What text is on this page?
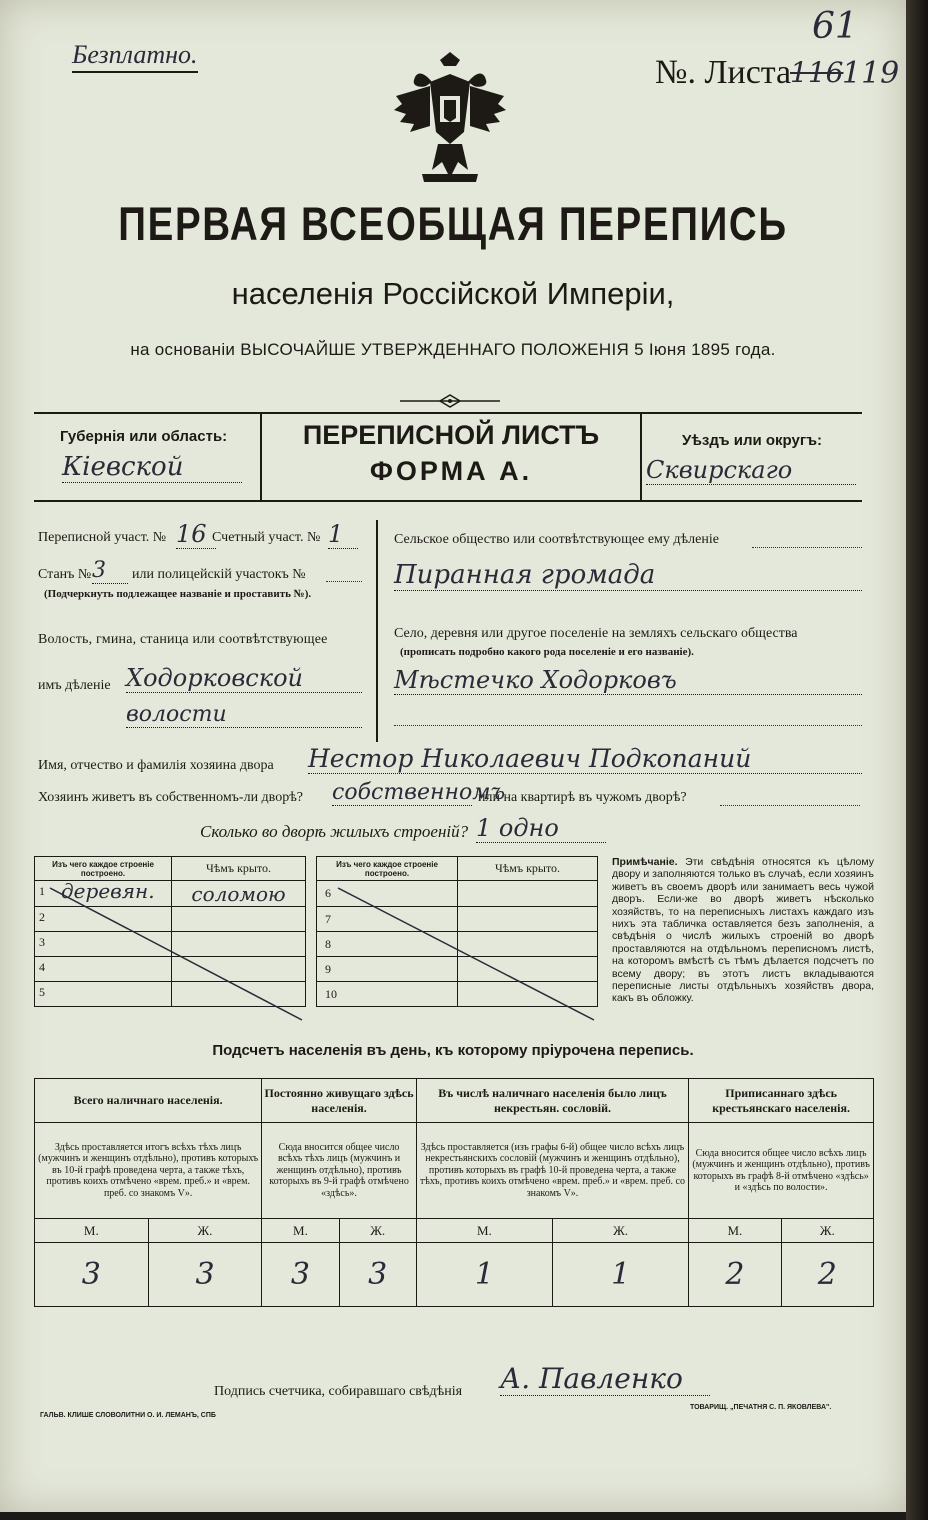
Безплатно.	№. Листа
116
119
61
ПЕРВАЯ ВСЕОБЩАЯ ПЕРЕПИСЬ
населенія Россійской Имперіи,
на основаніи ВЫСОЧАЙШЕ УТВЕРЖДЕННАГО ПОЛОЖЕНІЯ 5 Іюня 1895 года.
Губернія или область:
Кіевской
ПЕРЕПИСНОЙ ЛИСТЪ
ФОРМА А.
Уѣздъ или округъ:
Сквирскаго
Переписной участ. № 16 Счетный участ. № 1
Станъ № 3	или полицейскій участокъ №
(Подчеркнуть подлежащее названіе и проставить №).
Волость, гмина, станица или соотвѣтствующее
имъ дѣленіе Ходорковской
волости
Сельское общество или соотвѣтствующее ему дѣленіе
Пиранная громада
Село, деревня или другое поселеніе на земляхъ сельскаго общества
(прописать подробно какого рода поселеніе и его названіе).
Мѣстечко Ходорковъ
Имя, отчество и фамилія хозяина двора Нестор Николаевич Подкопаний
Хозяинъ живетъ въ собственномъ-ли дворѣ? собственномъ
или на квартирѣ въ чужомъ дворѣ?
Сколько во дворѣ жилыхъ строеній? 1 одно
Изъ чего каждое строеніе построено.	Чѣмъ крыто.

1 деревян.	соломою

2	

3	

4	

5	

Изъ чего каждое строеніе построено.	Чѣмъ крыто.
6	
7	
8	
9	
10	
Примѣчаніе. Эти свѣдѣнія относятся къ цѣлому двору и заполняются только въ случаѣ, если хозяинъ живетъ въ своемъ дворѣ или занимаетъ весь чужой дворъ. Если-же во дворѣ живетъ нѣсколько хозяйствъ, то на переписныхъ листахъ каждаго изъ нихъ эта табличка оставляется безъ заполненія, а свѣдѣнія о числѣ жилыхъ строеній во дворѣ проставляются на отдѣльномъ переписномъ листѣ, на которомъ вмѣстѣ съ тѣмъ дѣлается подсчетъ по всему двору; въ этотъ листъ вкладываются переписные листы отдѣльныхъ хозяйствъ двора, какъ въ обложку.
Подсчетъ населенія въ день, къ которому пріурочена перепись.
Всего наличнаго населенія.		Постоянно живущаго здѣсь населенія.		Въ числѣ наличнаго населенія было лицъ некрестьян. сословій.		Приписаннаго здѣсь крестьянскаго населенія.	
Здѣсь проставляется итогъ всѣхъ тѣхъ лицъ (мужчинъ и женщинъ отдѣльно), противъ которыхъ въ 10-й графѣ проведена черта, а также тѣхъ, противъ коихъ отмѣчено «врем. преб.» и «врем. преб. со знакомъ V».		Сюда вносится общее число всѣхъ тѣхъ лицъ (мужчинъ и женщинъ отдѣльно), противъ которыхъ въ 9-й графѣ отмѣчено «здѣсь».		Здѣсь проставляется (изъ графы 6-й) общее число всѣхъ лицъ некрестьянскихъ сословій (мужчинъ и женщинъ отдѣльно), противъ которыхъ въ графѣ 10-й проведена черта, а также тѣхъ, противъ коихъ отмѣчено «врем. преб.» и «врем. преб. со знакомъ V».		Сюда вносится общее число всѣхъ лицъ (мужчинъ и женщинъ отдѣльно), противъ которыхъ въ графѣ 8-й отмѣчено «здѣсь» и «здѣсь по волости».	
М.	Ж.	М.	Ж.	М.	Ж.	М.	Ж.
3	3	3	3	1	1	2	2
Подпись счетчика, собиравшаго свѣдѣнія А. Павленко
ГАЛЬВ. КЛИШЕ СЛОВОЛИТНИ О. И. ЛЕМАНЪ, СПБ
ТОВАРИЩ. „ПЕЧАТНЯ С. П. ЯКОВЛЕВА".
